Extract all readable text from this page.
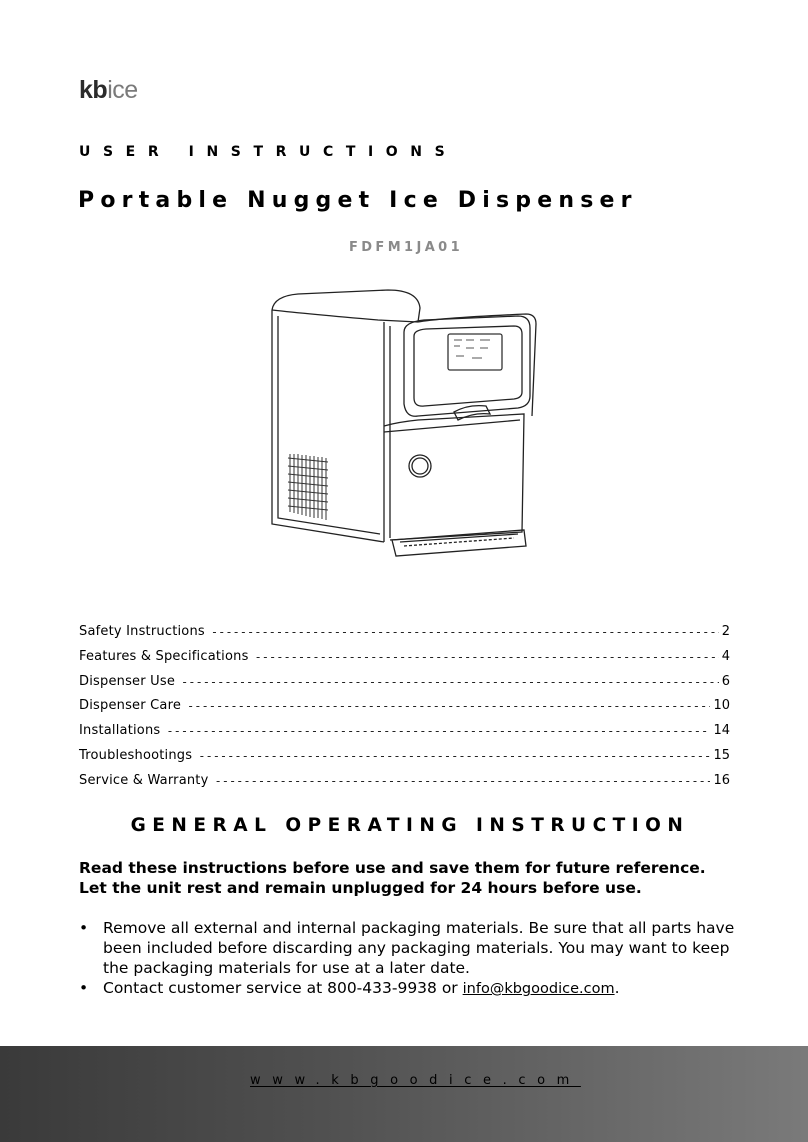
kbice
USER INSTRUCTIONS
Portable Nugget Ice Dispenser
FDFM1JA01
Safety Instructions -----	2
Features & Specifications -----	4
Dispenser Use -----	6
Dispenser Care -----	10
Installations -----	14
Troubleshootings -----	15
Service & Warranty -----	16
GENERAL OPERATING INSTRUCTION
Read these instructions before use and save them for future reference.
Let the unit rest and remain unplugged for 24 hours before use.
• Remove all external and internal packaging materials. Be sure that all parts have been included before discarding any packaging materials. You may want to keep the packaging materials for use at a later date.
• Contact customer service at 800-433-9938 or info@kbgoodice.com.
www.kbgoodice.com
